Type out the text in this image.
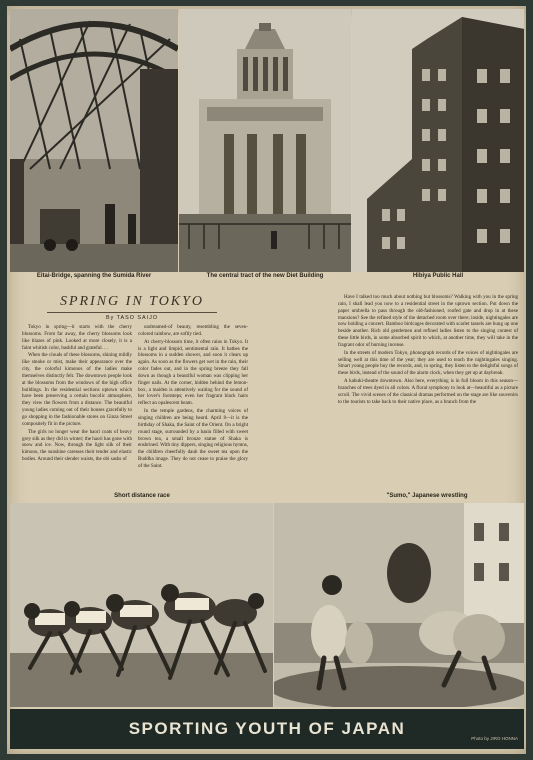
Eitai-Bridge, spanning the Sumida River	The central tract of the new Diet Building	Hibiya Public Hall
SPRING IN TOKYO
By TASO SAIJO

Tokyo in spring—it starts with the cherry blossoms. From far away, the cherry blossoms look like blazes of pink. Looked at more closely, it is a faint whitish color, bashful and grateful. . .

When the clouds of these blossoms, shining mildly like smoke or mist, make their appearance over the city, the colorful kimonos of the ladies make themselves distinctly felt. The downtown people look at the blossoms from the windows of the high office buildings. In the residential sections uptown which have been preserving a certain bucolic atmosphere, they view the flowers from a distance. The beautiful young ladies coming out of their houses gracefully to go shopping in the fashionable stores on Ginza Street compositely fit in the picture.

The girls no longer wear the haori coats of heavy grey silk as they did in winter; the haori has gone with snow and ice. Now, through the light silk of their kimono, the sunshine caresses their tender and elastic bodies. Around their slender waists, the obi sashs of

undreamed-of beauty, resembling the seven-colored rainbow, are softly tied.

At cherry-blossom time, it often rains in Tokyo. It is a light and limpid, sentimental rain. It bathes the blossoms in a sudden shower, and soon it clears up again. As soon as the flowers get wet in the rain, their color fades out, and in the spring breeze they fall down as though a beautiful woman was clipping her finger nails. At the corner, hidden behind the lemon-box, a maiden is attentively waiting for the sound of her lover's footsteps; even her fragrant black hairs reflect an opalescent beam.

In the temple gardens, the charming voices of singing children are being heard. April 8—it is the birthday of Shaka, the Saint of the Orient. On a bright round stage, surrounded by a basin filled with sweet brown tea, a small bronze statue of Shaka is enshrined. With tiny dippers, singing religious hymns, the children cheerfully daub the sweet tea upon the Buddha image. They do not cease to praise the glory of the Saint.

Have I talked too much about nothing but blossoms? Walking with you in the spring rain, I shall lead you now to a residential street in the uptown section. Put down the paper umbrella to pass through the old-fashioned, roofed gate and drop in at these mansions? See the refined style of the detached room over there; inside, nightingales are now holding a concert. Bamboo birdcages decorated with scarlet tassels are hung up one beside another. Rich old gentlemen and refined ladies listen to the singing contest of these little birds, in some absorbed spirit to which, at another time, they will take in the fragrant odor of burning incense.

In the streets of modern Tokyo, phonograph records of the voices of nightingales are selling well at this time of the year; they are used to teach the nightingales singing. Smart young people buy the records, and, in spring, they listen to the delightful songs of these birds, instead of the sound of the alarm clock, when they get up at daybreak.

A kabuki-theatre downtown. Also here, everything is in full bloom in this season—branches of trees dyed in all colors. A floral symphony to look at—beautiful as a picture scroll. The vivid scenes of the classical dramas performed on the stage are like souvenirs to the tourists to take back to their native place, as a branch from the

Short distance race	"Sumo," Japanese wrestling
SPORTING YOUTH OF JAPAN
Photo by JIRO HONNA
